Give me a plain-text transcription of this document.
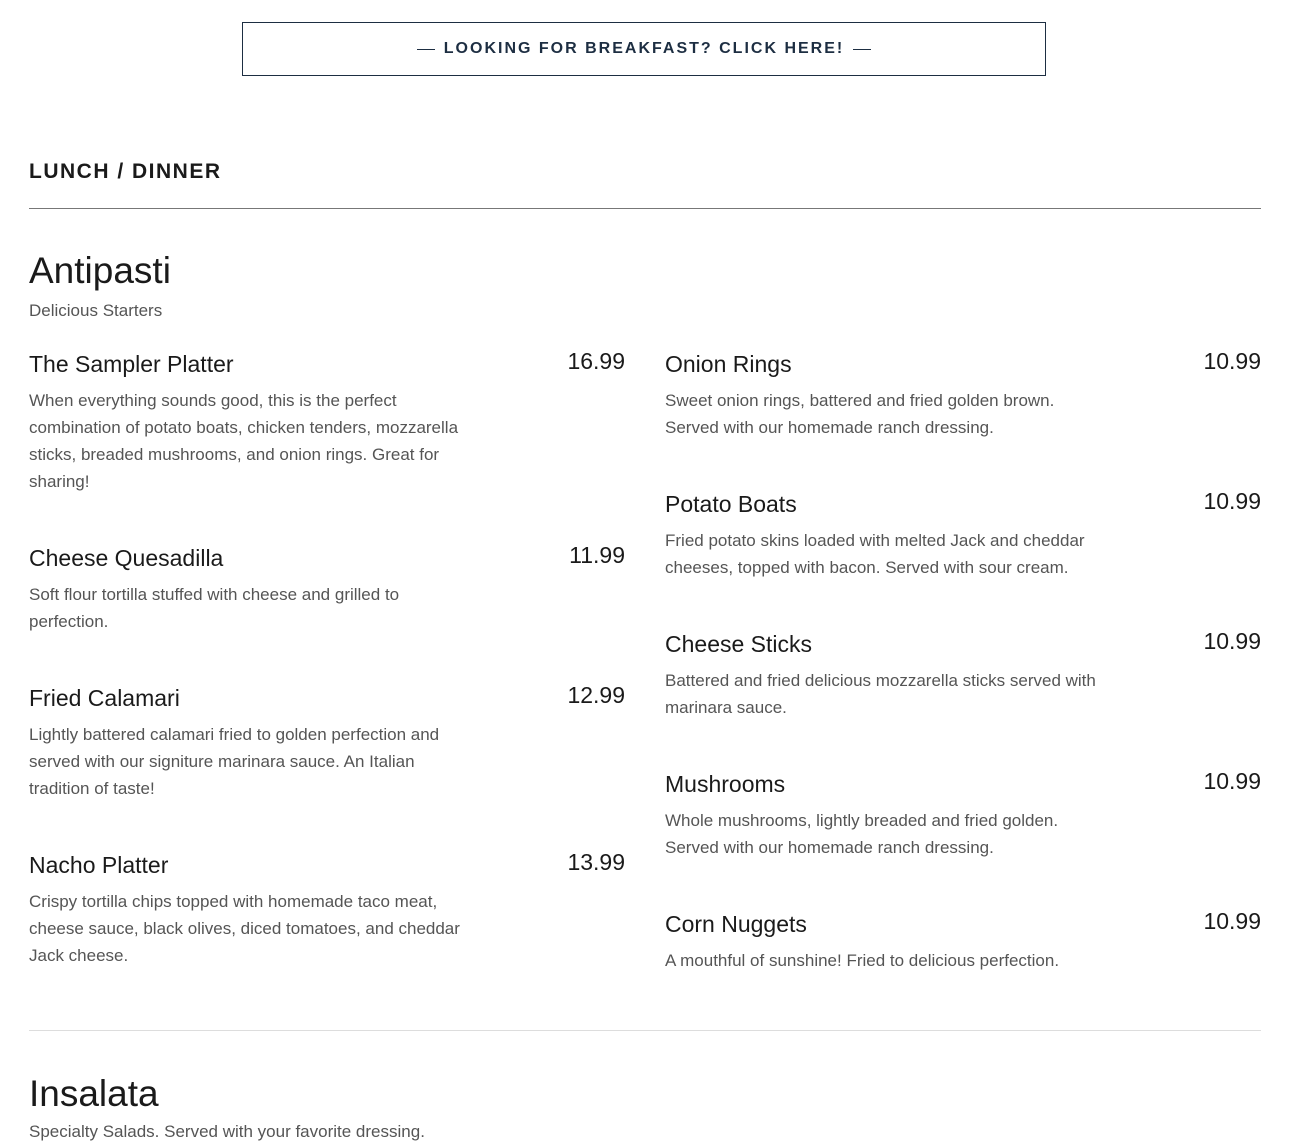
LOOKING FOR BREAKFAST? CLICK HERE!
LUNCH / DINNER
Antipasti
Delicious Starters
The Sampler Platter	16.99
When everything sounds good, this is the perfect combination of potato boats, chicken tenders, mozzarella sticks, breaded mushrooms, and onion rings. Great for sharing!
Cheese Quesadilla	11.99
Soft flour tortilla stuffed with cheese and grilled to perfection.
Fried Calamari	12.99
Lightly battered calamari fried to golden perfection and served with our signiture marinara sauce. An Italian tradition of taste!
Nacho Platter	13.99
Crispy tortilla chips topped with homemade taco meat, cheese sauce, black olives, diced tomatoes, and cheddar Jack cheese.
Onion Rings	10.99
Sweet onion rings, battered and fried golden brown. Served with our homemade ranch dressing.
Potato Boats	10.99
Fried potato skins loaded with melted Jack and cheddar cheeses, topped with bacon. Served with sour cream.
Cheese Sticks	10.99
Battered and fried delicious mozzarella sticks served with marinara sauce.
Mushrooms	10.99
Whole mushrooms, lightly breaded and fried golden. Served with our homemade ranch dressing.
Corn Nuggets	10.99
A mouthful of sunshine! Fried to delicious perfection.
Insalata
Specialty Salads. Served with your favorite dressing.
